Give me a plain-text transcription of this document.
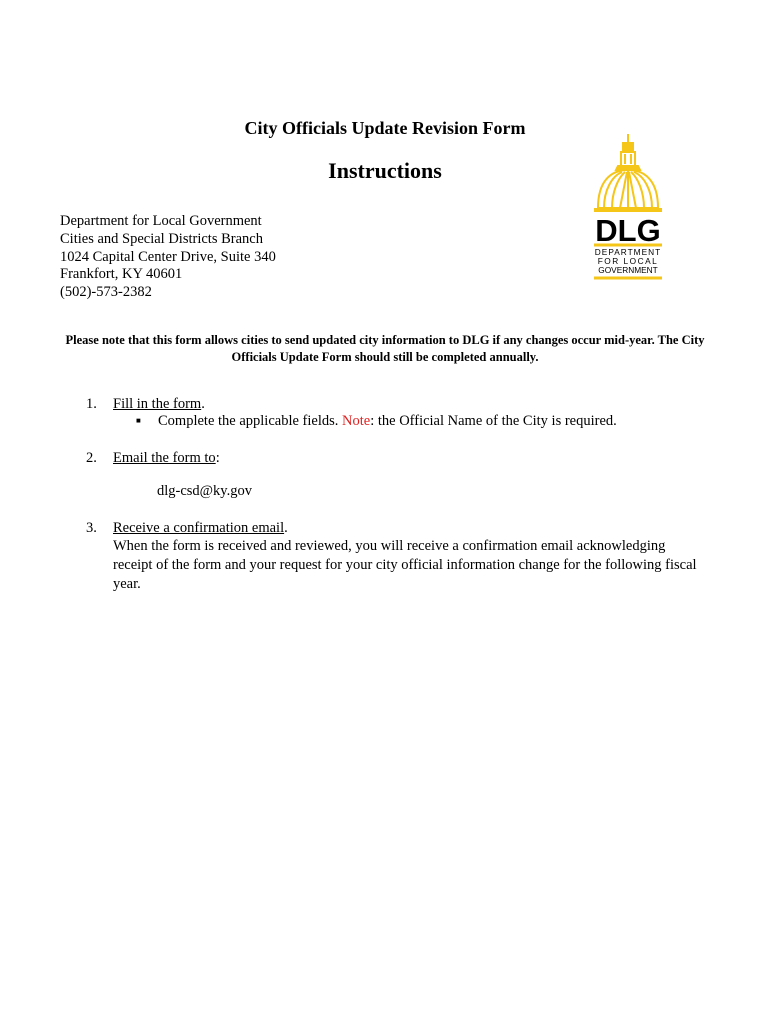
City Officials Update Revision Form
Instructions
Department for Local Government
Cities and Special Districts Branch
1024 Capital Center Drive, Suite 340
Frankfort, KY 40601
(502)-573-2382
DLG
DEPARTMENT
FOR LOCAL
GOVERNMENT
Please note that this form allows cities to send updated city information to DLG if any changes occur mid-year. The City Officials Update Form should still be completed annually.
1. Fill in the form.
■ Complete the applicable fields. Note: the Official Name of the City is required.
2. Email the form to:
dlg-csd@ky.gov
3. Receive a confirmation email.
When the form is received and reviewed, you will receive a confirmation email acknowledging receipt of the form and your request for your city official information change for the following fiscal year.
